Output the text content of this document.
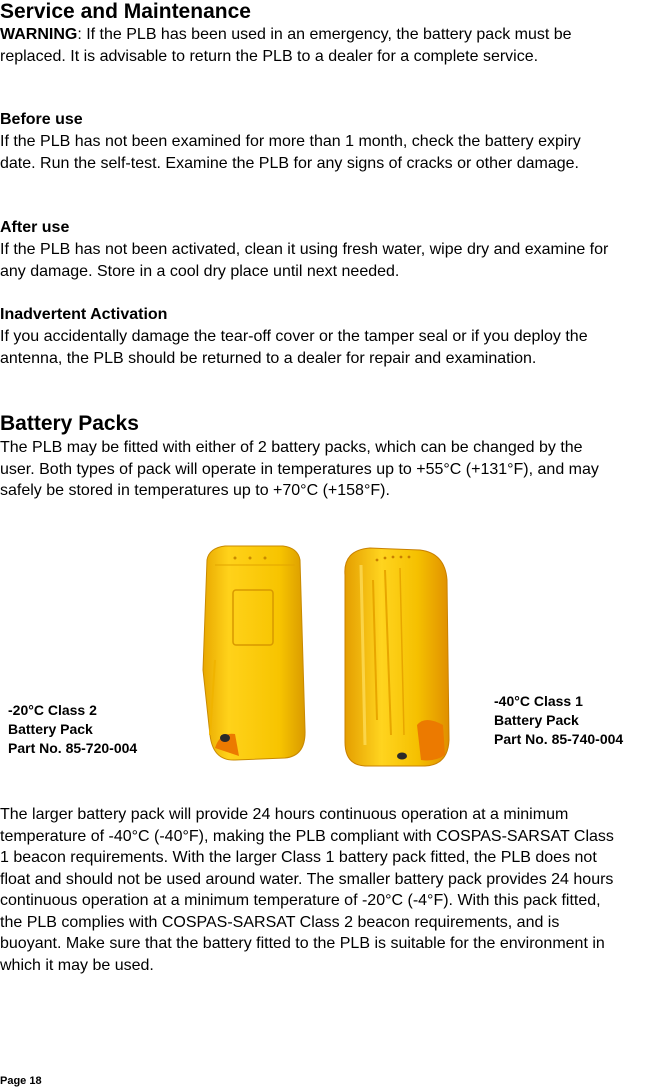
Service and Maintenance

WARNING: If the PLB has been used in an emergency, the battery pack must be replaced. It is advisable to return the PLB to a dealer for a complete service.

Before use

If the PLB has not been examined for more than 1 month, check the battery expiry date. Run the self-test. Examine the PLB for any signs of cracks or other damage.

After use

If the PLB has not been activated, clean it using fresh water, wipe dry and examine for any damage. Store in a cool dry place until next needed.

Inadvertent Activation

If you accidentally damage the tear-off cover or the tamper seal or if you deploy the antenna, the PLB should be returned to a dealer for repair and examination.

Battery Packs

The PLB may be fitted with either of 2 battery packs, which can be changed by the user. Both types of pack will operate in temperatures up to +55°C (+131°F), and may safely be stored in temperatures up to +70°C (+158°F).

-20°C Class 2
Battery Pack
Part No. 85-720-004
-40°C Class 1
Battery Pack
Part No. 85-740-004

The larger battery pack will provide 24 hours continuous operation at a minimum temperature of -40°C (-40°F), making the PLB compliant with COSPAS-SARSAT Class 1 beacon requirements. With the larger Class 1 battery pack fitted, the PLB does not float and should not be used around water. The smaller battery pack provides 24 hours continuous operation at a minimum temperature of -20°C (-4°F). With this pack fitted, the PLB complies with COSPAS-SARSAT Class 2 beacon requirements, and is buoyant. Make sure that the battery fitted to the PLB is suitable for the environment in which it may be used.

Page 18
